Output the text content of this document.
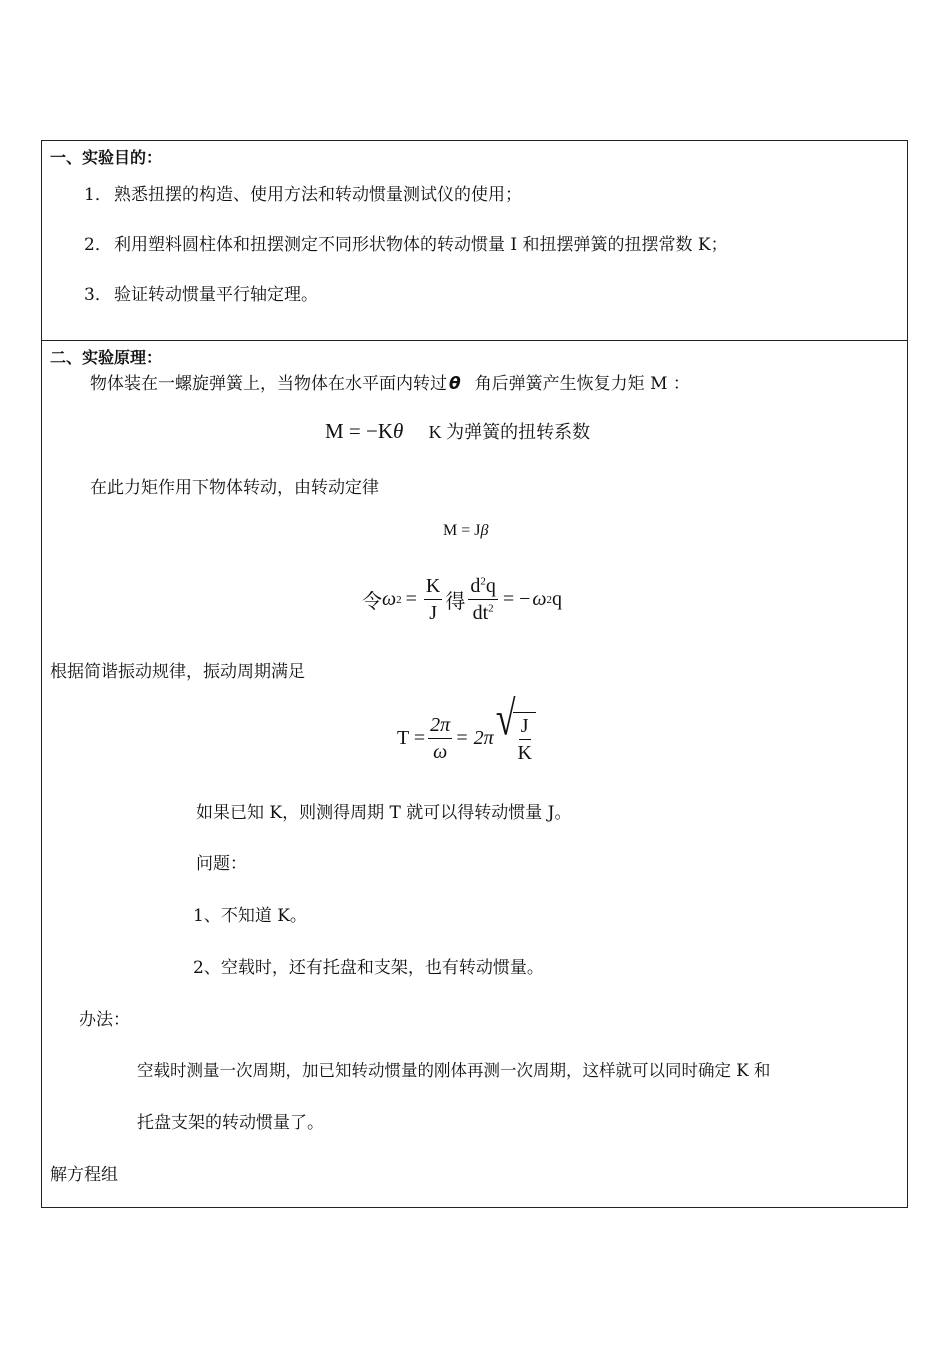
一、实验目的：
1． 熟悉扭摆的构造、使用方法和转动惯量测试仪的使用；
2． 利用塑料圆柱体和扭摆测定不同形状物体的转动惯量 I 和扭摆弹簧的扭摆常数 K；
3． 验证转动惯量平行轴定理。
二、实验原理：
物体装在一螺旋弹簧上，当物体在水平面内转过 θ 角后弹簧产生恢复力矩 M ：
M = −Kθ K 为弹簧的扭转系数
在此力矩作用下物体转动，由转动定律
M = Jβ
令 ω $2 = \frac{K}{J}$ 得 $\frac{d^2q}{dt^2}$ = − ω 2 q
根据简谐振动规律，振动周期满足
$T = \frac{2\pi}{\omega} = 2\pi$ √ $\frac{J}{K}$
如果已知 K，则测得周期 T 就可以得转动惯量 J。
问题：
1、不知道 K。
2、空载时，还有托盘和支架，也有转动惯量。
办法：
空载时测量一次周期，加已知转动惯量的刚体再测一次周期，这样就可以同时确定 K 和
托盘支架的转动惯量了。
解方程组
